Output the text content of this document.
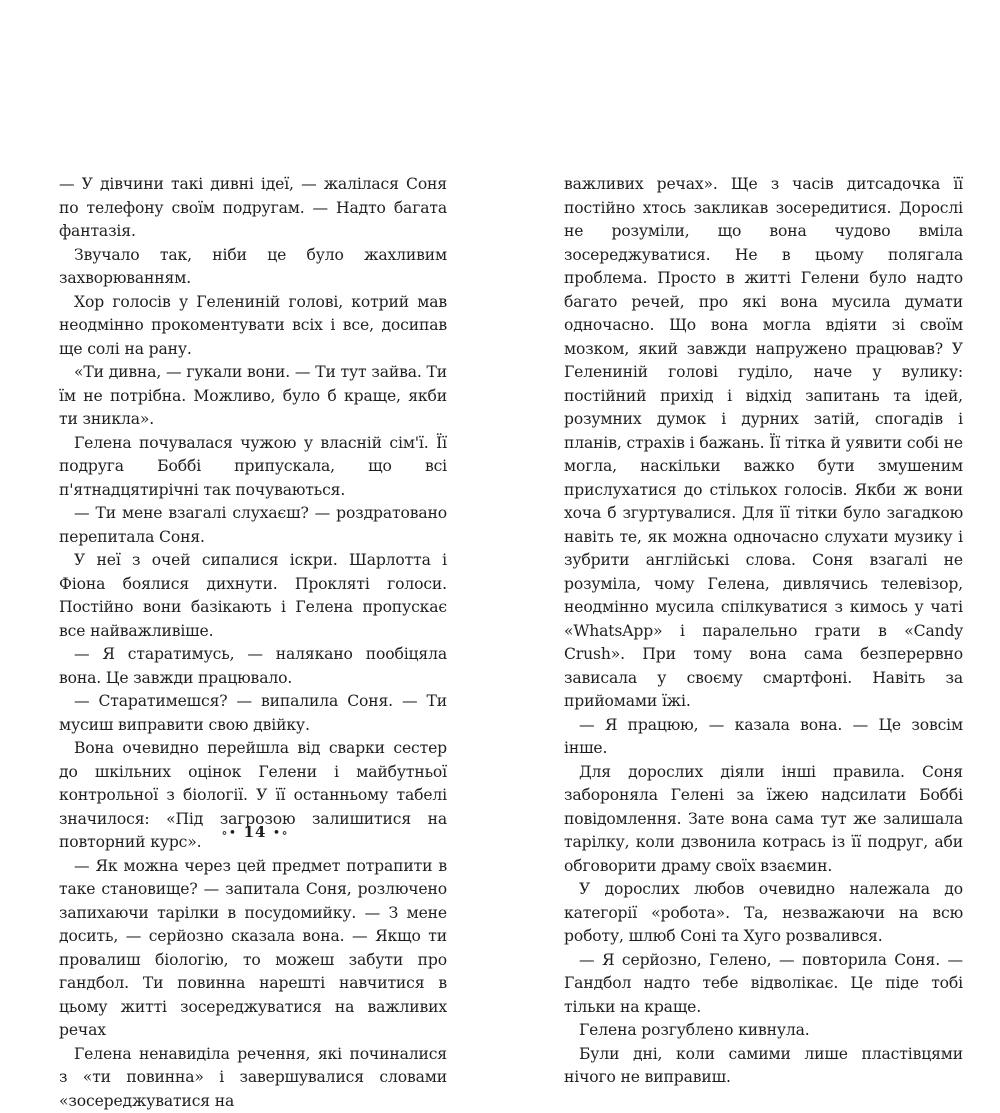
— У дівчини такі дивні ідеї, — жалілася Соня по телефону своїм подругам. — Надто багата фантазія.

Звучало так, ніби це було жахливим захворюванням.

Хор голосів у Гелениній голові, котрий мав неодмінно прокоментувати всіх і все, досипав ще солі на рану.

«Ти дивна, — гукали вони. — Ти тут зайва. Ти їм не потрібна. Можливо, було б краще, якби ти зникла».

Гелена почувалася чужою у власній сім'ї. Її подруга Боббі припускала, що всі п'ятнадцятирічні так почуваються.

— Ти мене взагалі слухаєш? — роздратовано перепитала Соня.

У неї з очей сипалися іскри. Шарлотта і Фіона боялися дихнути. Прокляті голоси. Постійно вони базікають і Гелена пропускає все найважливіше.

— Я старатимусь, — налякано пообіцяла вона. Це завжди працювало.

— Старатимешся? — випалила Соня. — Ти мусиш виправити свою двійку.

Вона очевидно перейшла від сварки сестер до шкільних оцінок Гелени і майбутньої контрольної з біології. У її останньому табелі значилося: «Під загрозою залишитися на повторний курс».

— Як можна через цей предмет потрапити в таке становище? — запитала Соня, розлючено запихаючи тарілки в посудомийку. — З мене досить, — серйозно сказала вона. — Якщо ти провалиш біологію, то можеш забути про гандбол. Ти повинна нарешті навчитися в цьому житті зосереджуватися на важливих речах

Гелена ненавиділа речення, які починалися з «ти повинна» і завершувалися словами «зосереджуватися на

∘• 14 •∘

важливих речах». Ще з часів дитсадочка її постійно хтось закликав зосередитися. Дорослі не розуміли, що вона чудово вміла зосереджуватися. Не в цьому полягала проблема. Просто в житті Гелени було надто багато речей, про які вона мусила думати одночасно. Що вона могла вдіяти зі своїм мозком, який завжди напружено працював? У Гелениній голові гуділо, наче у вулику: постійний прихід і відхід запитань та ідей, розумних думок і дурних затій, спогадів і планів, страхів і бажань. Її тітка й уявити собі не могла, наскільки важко бути змушеним прислухатися до стількох голосів. Якби ж вони хоча б згуртувалися. Для її тітки було загадкою навіть те, як можна одночасно слухати музику і зубрити англійські слова. Соня взагалі не розуміла, чому Гелена, дивлячись телевізор, неодмінно мусила спілкуватися з кимось у чаті «WhatsApp» і паралельно грати в «Candy Crush». При тому вона сама безперервно зависала у своєму смартфоні. Навіть за прийомами їжі.

— Я працюю, — казала вона. — Це зовсім інше.

Для дорослих діяли інші правила. Соня забороняла Гелені за їжею надсилати Боббі повідомлення. Зате вона сама тут же залишала тарілку, коли дзвонила котрась із її подруг, аби обговорити драму своїх взаємин.

У дорослих любов очевидно належала до категорії «робота». Та, незважаючи на всю роботу, шлюб Соні та Хуго розвалився.

— Я серйозно, Гелено, — повторила Соня. — Гандбол надто тебе відволікає. Це піде тобі тільки на краще.

Гелена розгублено кивнула.

Були дні, коли самими лише пластівцями нічого не виправиш.
